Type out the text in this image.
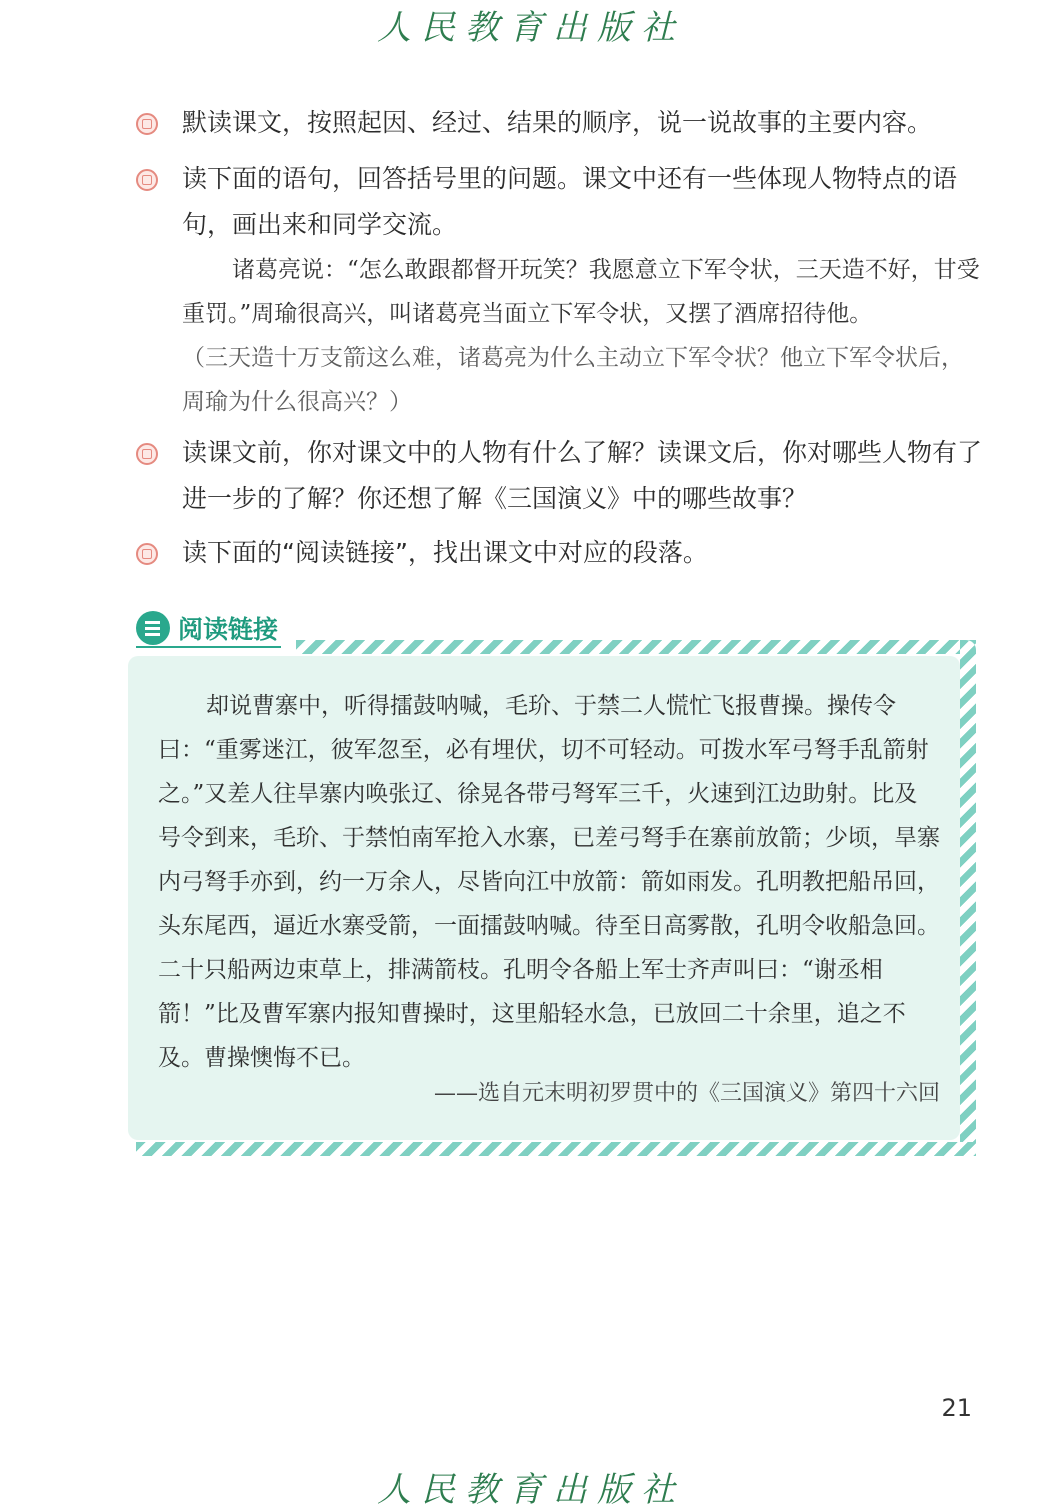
人民教育出版社
默读课文，按照起因、经过、结果的顺序，说一说故事的主要内容。
读下面的语句，回答括号里的问题。课文中还有一些体现人物特点的语句，画出来和同学交流。
诸葛亮说：“怎么敢跟都督开玩笑？我愿意立下军令状，三天造不好，甘受重罚。”周瑜很高兴，叫诸葛亮当面立下军令状，又摆了酒席招待他。
（三天造十万支箭这么难，诸葛亮为什么主动立下军令状？他立下军令状后，周瑜为什么很高兴？）
读课文前，你对课文中的人物有什么了解？读课文后，你对哪些人物有了进一步的了解？你还想了解《三国演义》中的哪些故事？
读下面的“阅读链接”，找出课文中对应的段落。
阅读链接
却说曹寨中，听得擂鼓呐喊，毛玠、于禁二人慌忙飞报曹操。操传令曰：“重雾迷江，彼军忽至，必有埋伏，切不可轻动。可拨水军弓弩手乱箭射之。”又差人往旱寨内唤张辽、徐晃各带弓弩军三千，火速到江边助射。比及号令到来，毛玠、于禁怕南军抢入水寨，已差弓弩手在寨前放箭；少顷，旱寨内弓弩手亦到，约一万余人，尽皆向江中放箭：箭如雨发。孔明教把船吊回，头东尾西，逼近水寨受箭，一面擂鼓呐喊。待至日高雾散，孔明令收船急回。二十只船两边束草上，排满箭枝。孔明令各船上军士齐声叫曰：“谢丞相箭！”比及曹军寨内报知曹操时，这里船轻水急，已放回二十余里，追之不及。曹操懊悔不已。
——选自元末明初罗贯中的《三国演义》第四十六回
21
人民教育出版社
